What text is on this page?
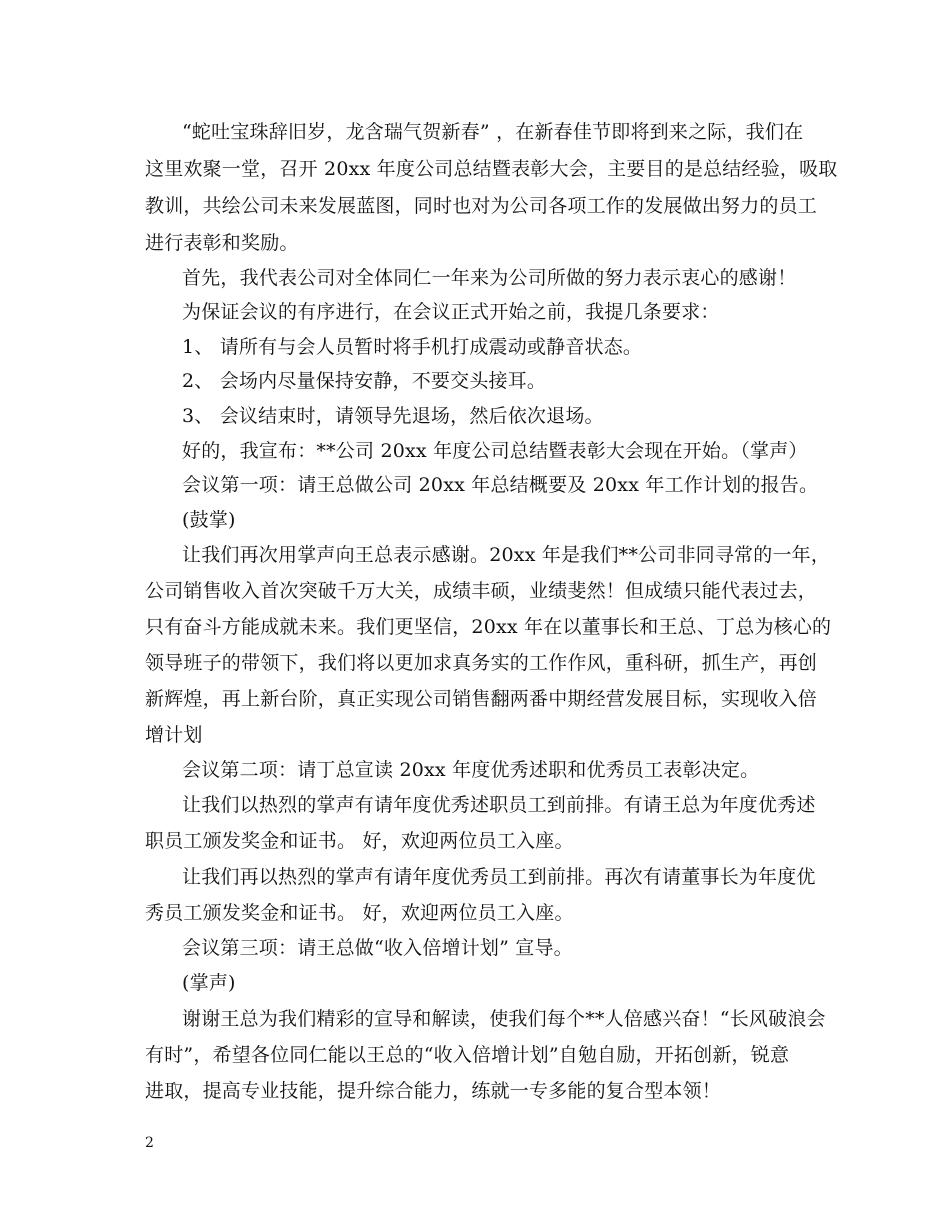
“蛇吐宝珠辞旧岁，龙含瑞气贺新春” ，在新春佳节即将到来之际，我们在
这里欢聚一堂，召开 20xx 年度公司总结暨表彰大会，主要目的是总结经验，吸取
教训，共绘公司未来发展蓝图，同时也对为公司各项工作的发展做出努力的员工
进行表彰和奖励。
首先，我代表公司对全体同仁一年来为公司所做的努力表示衷心的感谢！
为保证会议的有序进行，在会议正式开始之前，我提几条要求：
1、 请所有与会人员暂时将手机打成震动或静音状态。
2、 会场内尽量保持安静，不要交头接耳。
3、 会议结束时，请领导先退场，然后依次退场。
好的，我宣布：**公司 20xx 年度公司总结暨表彰大会现在开始。（掌声）
会议第一项：请王总做公司 20xx 年总结概要及 20xx 年工作计划的报告。
(鼓掌)
让我们再次用掌声向王总表示感谢。20xx 年是我们**公司非同寻常的一年，
公司销售收入首次突破千万大关，成绩丰硕，业绩斐然！但成绩只能代表过去，
只有奋斗方能成就未来。我们更坚信，20xx 年在以董事长和王总、丁总为核心的
领导班子的带领下，我们将以更加求真务实的工作作风，重科研，抓生产，再创
新辉煌，再上新台阶，真正实现公司销售翻两番中期经营发展目标，实现收入倍
增计划
会议第二项：请丁总宣读 20xx 年度优秀述职和优秀员工表彰决定。
让我们以热烈的掌声有请年度优秀述职员工到前排。有请王总为年度优秀述
职员工颁发奖金和证书。 好，欢迎两位员工入座。
让我们再以热烈的掌声有请年度优秀员工到前排。再次有请董事长为年度优
秀员工颁发奖金和证书。 好，欢迎两位员工入座。
会议第三项：请王总做“收入倍增计划” 宣导。
(掌声)
谢谢王总为我们精彩的宣导和解读，使我们每个**人倍感兴奋！“长风破浪会
有时”，希望各位同仁能以王总的“收入倍增计划”自勉自励，开拓创新，锐意
进取，提高专业技能，提升综合能力，练就一专多能的复合型本领！
2
